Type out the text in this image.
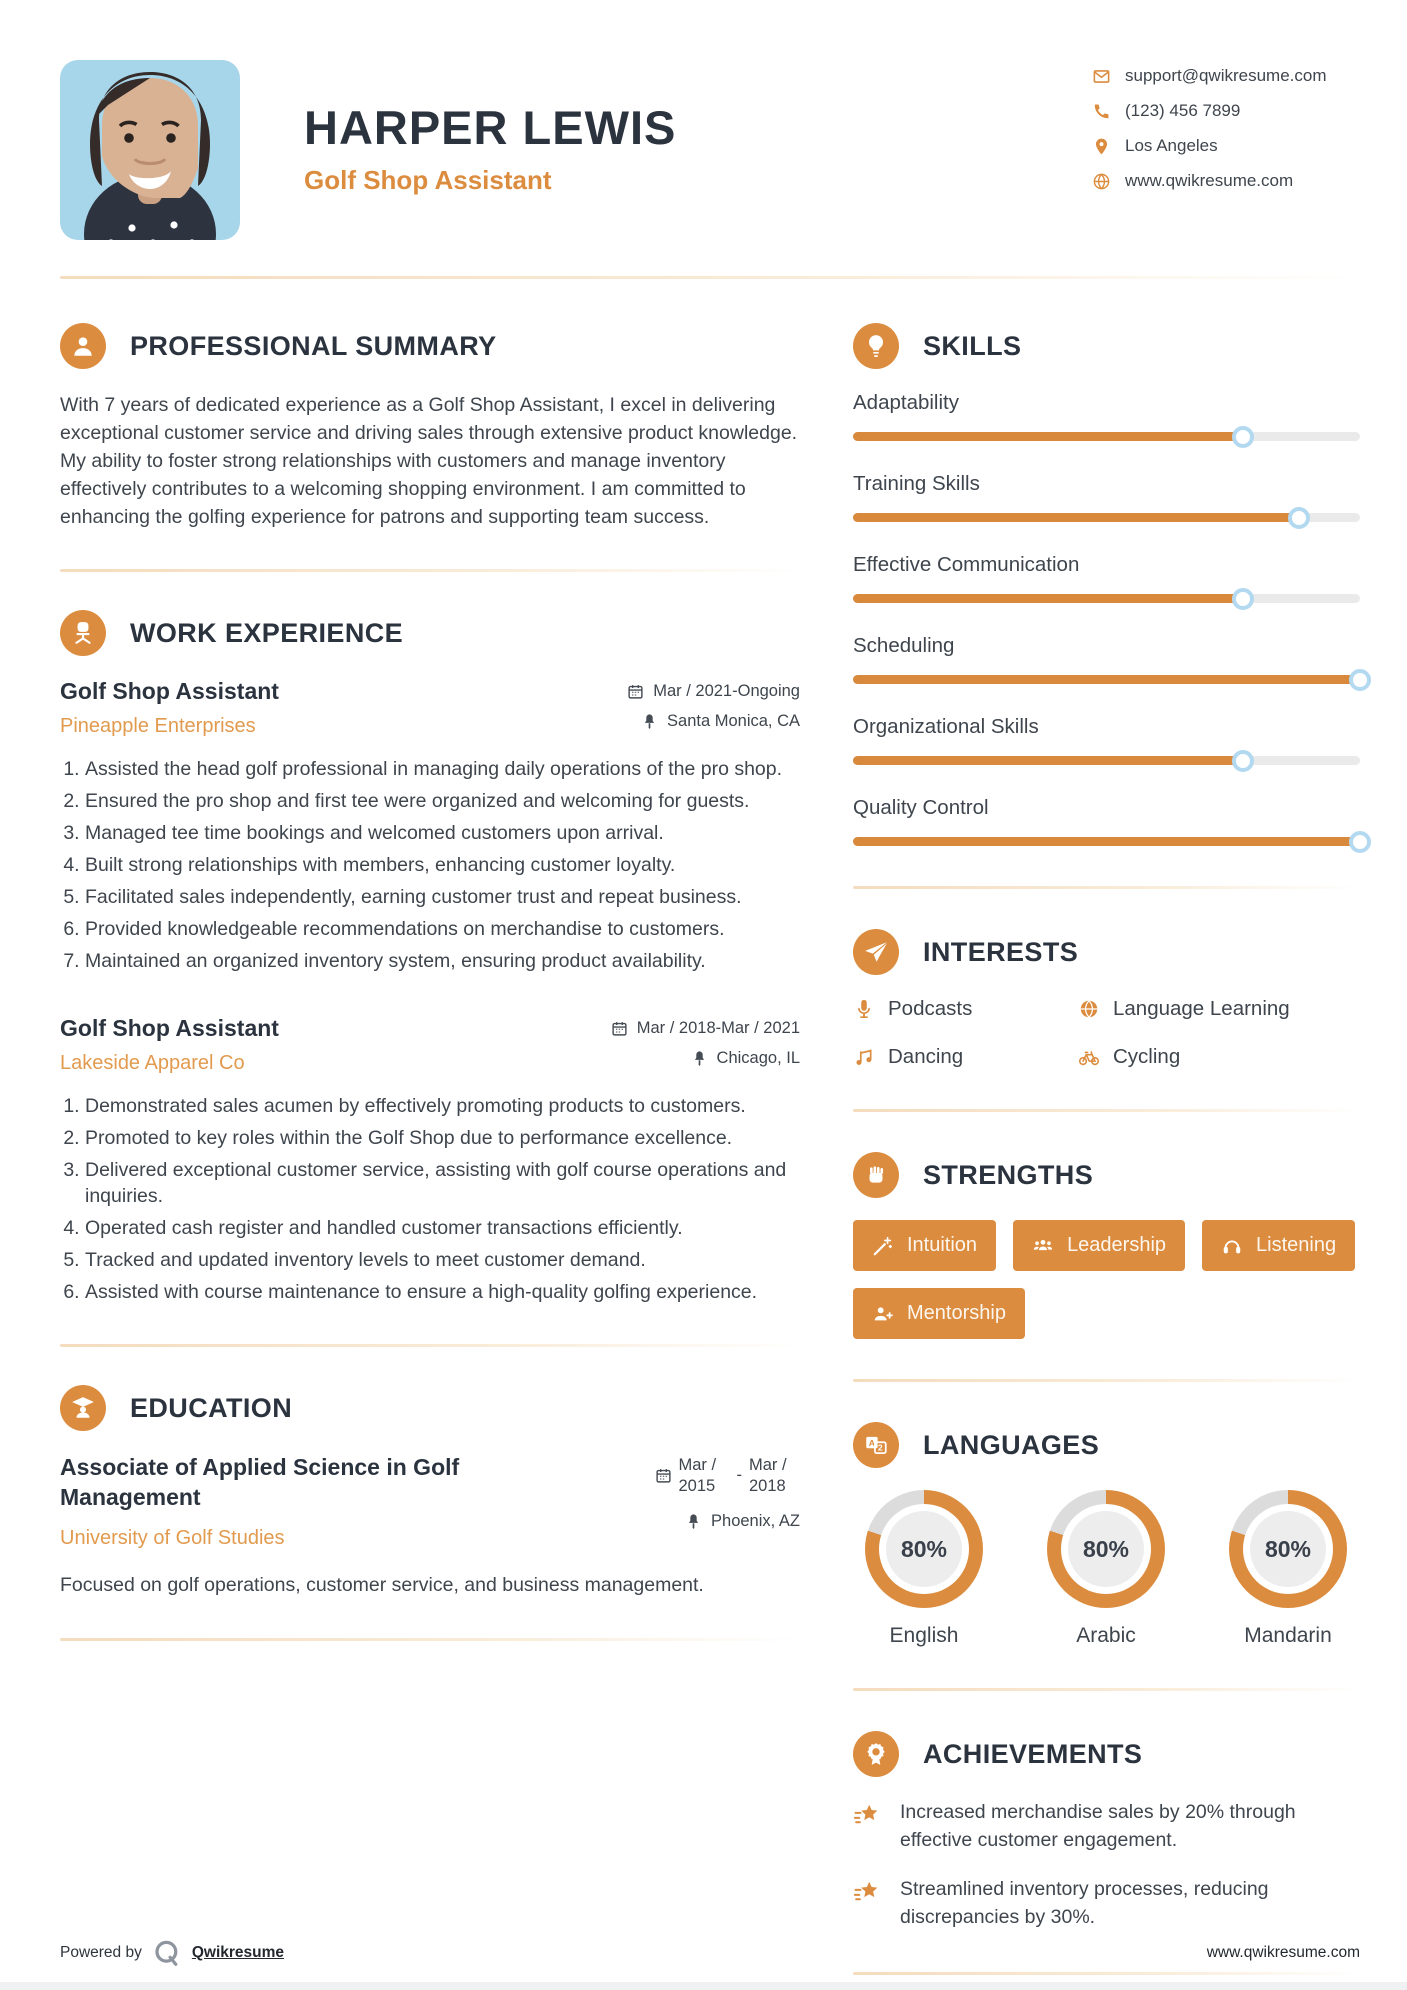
HARPER LEWIS
Golf Shop Assistant
support@qwikresume.com
(123) 456 7899
Los Angeles
www.qwikresume.com
PROFESSIONAL SUMMARY

With 7 years of dedicated experience as a Golf Shop Assistant, I excel in delivering exceptional customer service and driving sales through extensive product knowledge. My ability to foster strong relationships with customers and manage inventory effectively contributes to a welcoming shopping environment. I am committed to enhancing the golfing experience for patrons and supporting team success.

WORK EXPERIENCE
Golf Shop Assistant
Pineapple Enterprises
Mar / 2021-Ongoing
Santa Monica, CA
1. Assisted the head golf professional in managing daily operations of the pro shop.
2. Ensured the pro shop and first tee were organized and welcoming for guests.
3. Managed tee time bookings and welcomed customers upon arrival.
4. Built strong relationships with members, enhancing customer loyalty.
5. Facilitated sales independently, earning customer trust and repeat business.
6. Provided knowledgeable recommendations on merchandise to customers.
7. Maintained an organized inventory system, ensuring product availability.
Golf Shop Assistant
Lakeside Apparel Co
Mar / 2018-Mar / 2021
Chicago, IL
1. Demonstrated sales acumen by effectively promoting products to customers.
2. Promoted to key roles within the Golf Shop due to performance excellence.
3. Delivered exceptional customer service, assisting with golf course operations and inquiries.
4. Operated cash register and handled customer transactions efficiently.
5. Tracked and updated inventory levels to meet customer demand.
6. Assisted with course maintenance to ensure a high-quality golfing experience.
EDUCATION
Associate of Applied Science in Golf Management
University of Golf Studies
Mar / 2015
-
Mar / 2018
Phoenix, AZ

Focused on golf operations, customer service, and business management.

SKILLS
Adaptability
Training Skills
Effective Communication
Scheduling
Organizational Skills
Quality Control
INTERESTS
Podcasts	Language Learning
Dancing	Cycling
STRENGTHS
Intuition	Leadership	Listening
Mentorship
A 2 LANGUAGES
80%
English
80%
Arabic
80%
Mandarin
ACHIEVEMENTS
Increased merchandise sales by 20% through effective customer engagement.
Streamlined inventory processes, reducing discrepancies by 30%.
Powered by	Qwikresume	www.qwikresume.com
